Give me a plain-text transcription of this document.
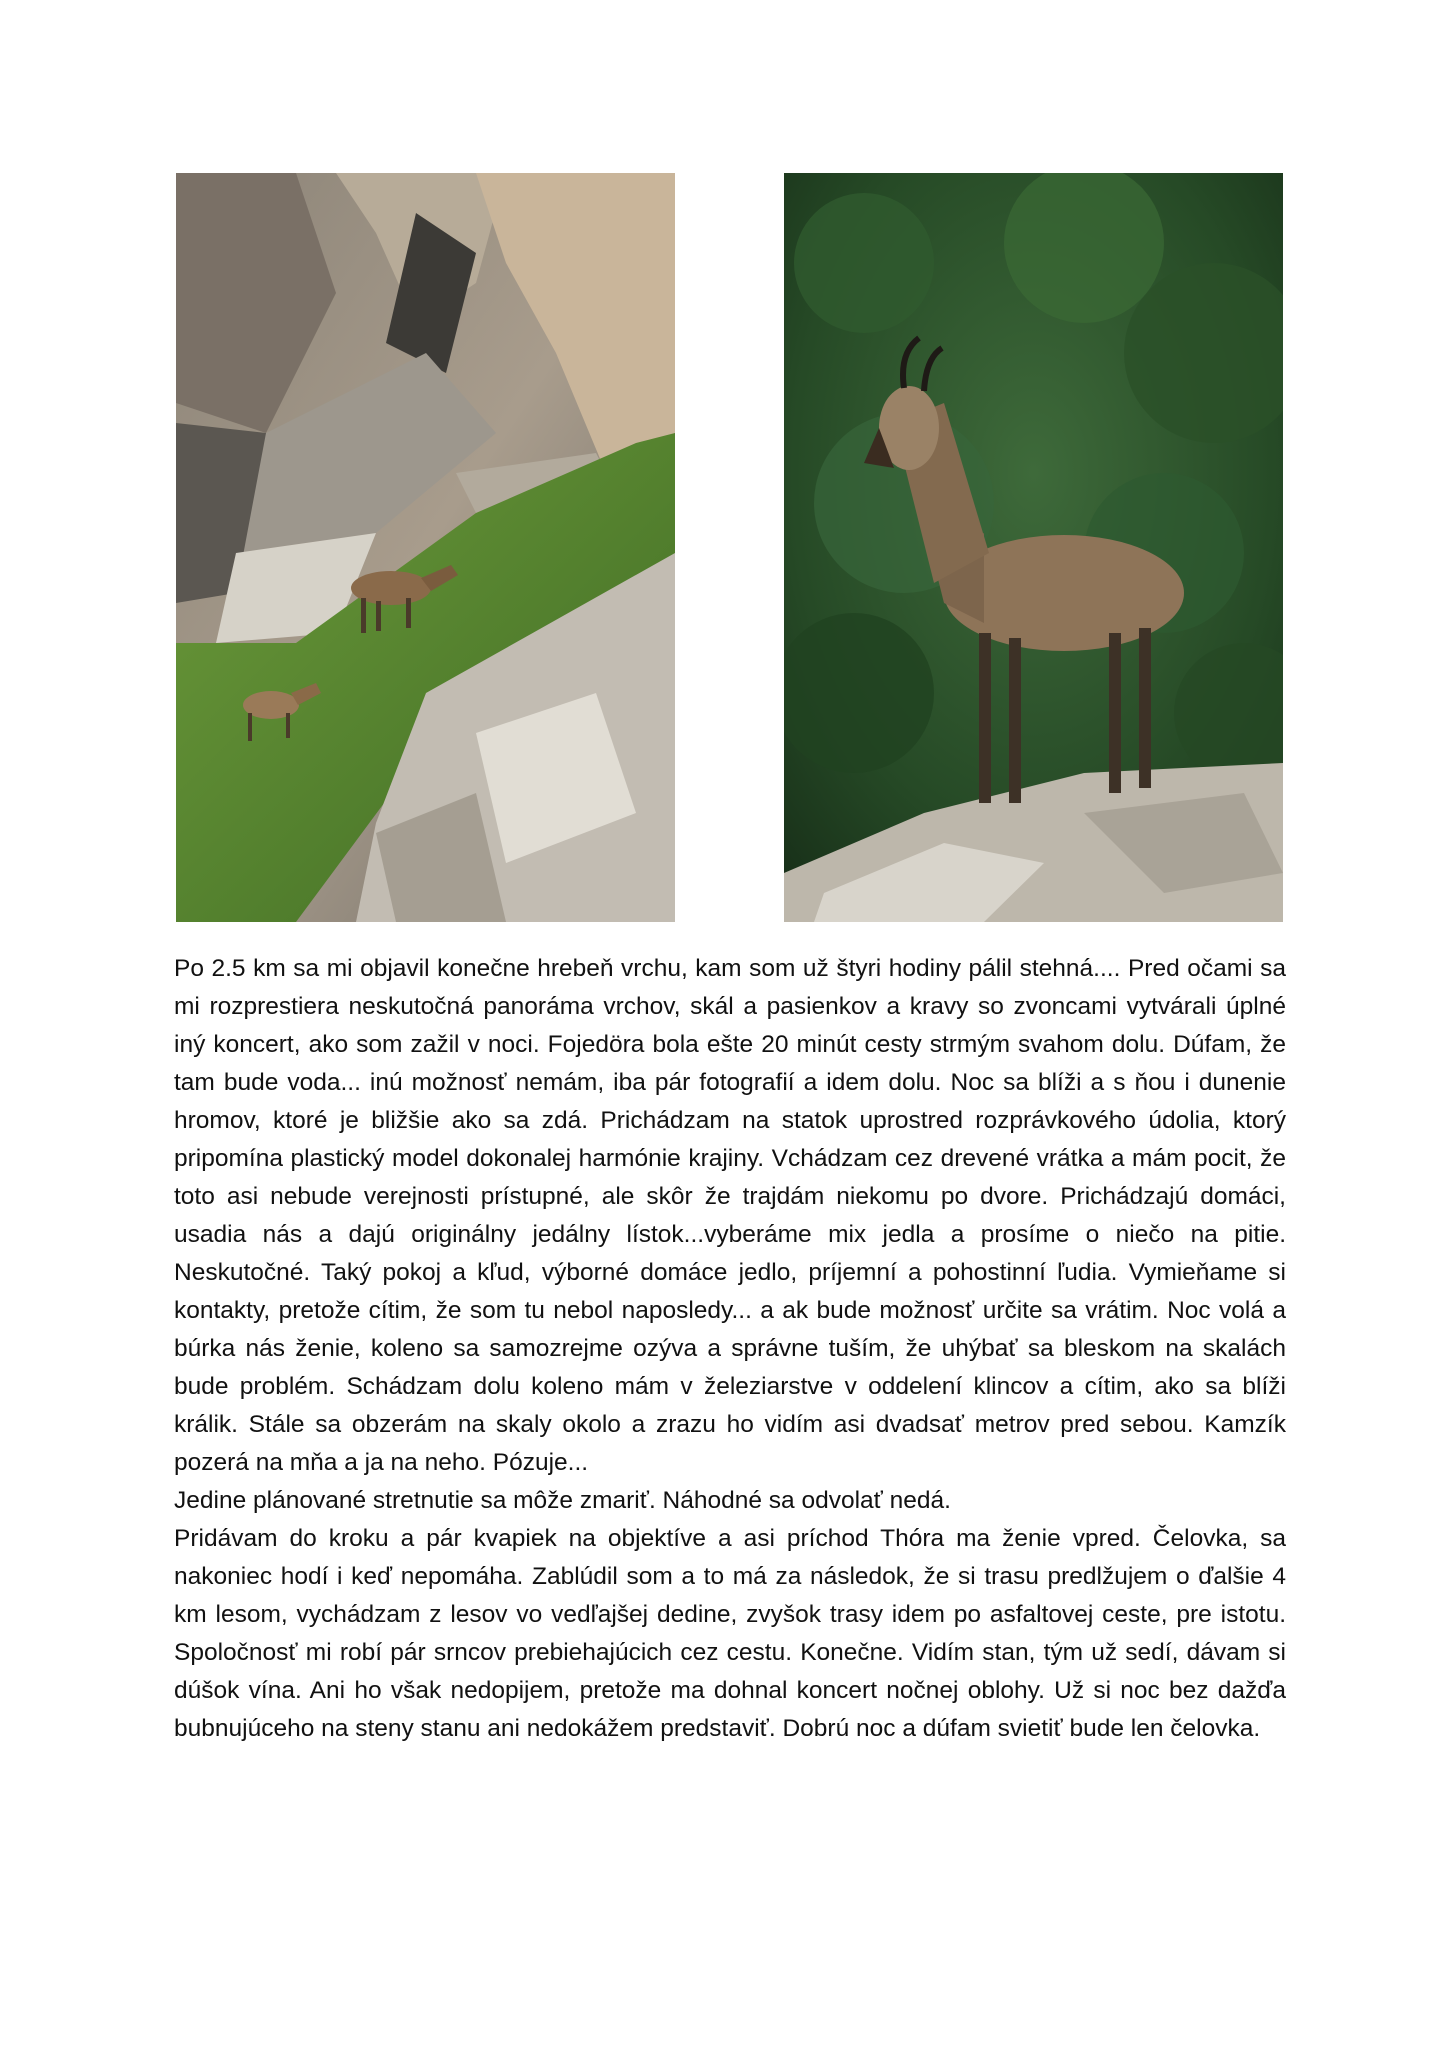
Po 2.5 km sa mi objavil konečne hrebeň vrchu, kam som už štyri hodiny pálil stehná.... Pred očami sa mi rozprestiera neskutočná panoráma vrchov, skál a pasienkov a kravy so zvoncami vytvárali úplné iný koncert, ako som zažil v noci. Fojedöra bola ešte 20 minút cesty strmým svahom dolu. Dúfam, že tam bude voda... inú možnosť nemám, iba pár fotografií a idem dolu. Noc sa blíži a s ňou i dunenie hromov, ktoré je bližšie ako sa zdá. Prichádzam na statok uprostred rozprávkového údolia, ktorý pripomína plastický model dokonalej harmónie krajiny. Vchádzam cez drevené vrátka a mám pocit, že toto asi nebude verejnosti prístupné, ale skôr že trajdám niekomu po dvore. Prichádzajú domáci, usadia nás a dajú originálny jedálny lístok...vyberáme mix jedla a prosíme o niečo na pitie. Neskutočné. Taký pokoj a kľud, výborné domáce jedlo, príjemní a pohostinní ľudia. Vymieňame si kontakty, pretože cítim, že som tu nebol naposledy... a ak bude možnosť určite sa vrátim. Noc volá a búrka nás ženie, koleno sa samozrejme ozýva a správne tuším, že uhýbať sa bleskom na skalách bude problém. Schádzam dolu koleno mám v železiarstve v oddelení klincov a cítim, ako sa blíži králik. Stále sa obzerám na skaly okolo a zrazu ho vidím asi dvadsať metrov pred sebou. Kamzík pozerá na mňa a ja na neho. Pózuje...

Jedine plánované stretnutie sa môže zmariť. Náhodné sa odvolať nedá.

Pridávam do kroku a pár kvapiek na objektíve a asi príchod Thóra ma ženie vpred. Čelovka, sa nakoniec hodí i keď nepomáha. Zablúdil som a to má za následok, že si trasu predlžujem o ďalšie 4 km lesom, vychádzam z lesov vo vedľajšej dedine, zvyšok trasy idem po asfaltovej ceste, pre istotu. Spoločnosť mi robí pár srncov prebiehajúcich cez cestu. Konečne. Vidím stan, tým už sedí, dávam si dúšok vína. Ani ho však nedopijem, pretože ma dohnal koncert nočnej oblohy. Už si noc bez dažďa bubnujúceho na steny stanu ani nedokážem predstaviť. Dobrú noc a dúfam svietiť bude len čelovka.
